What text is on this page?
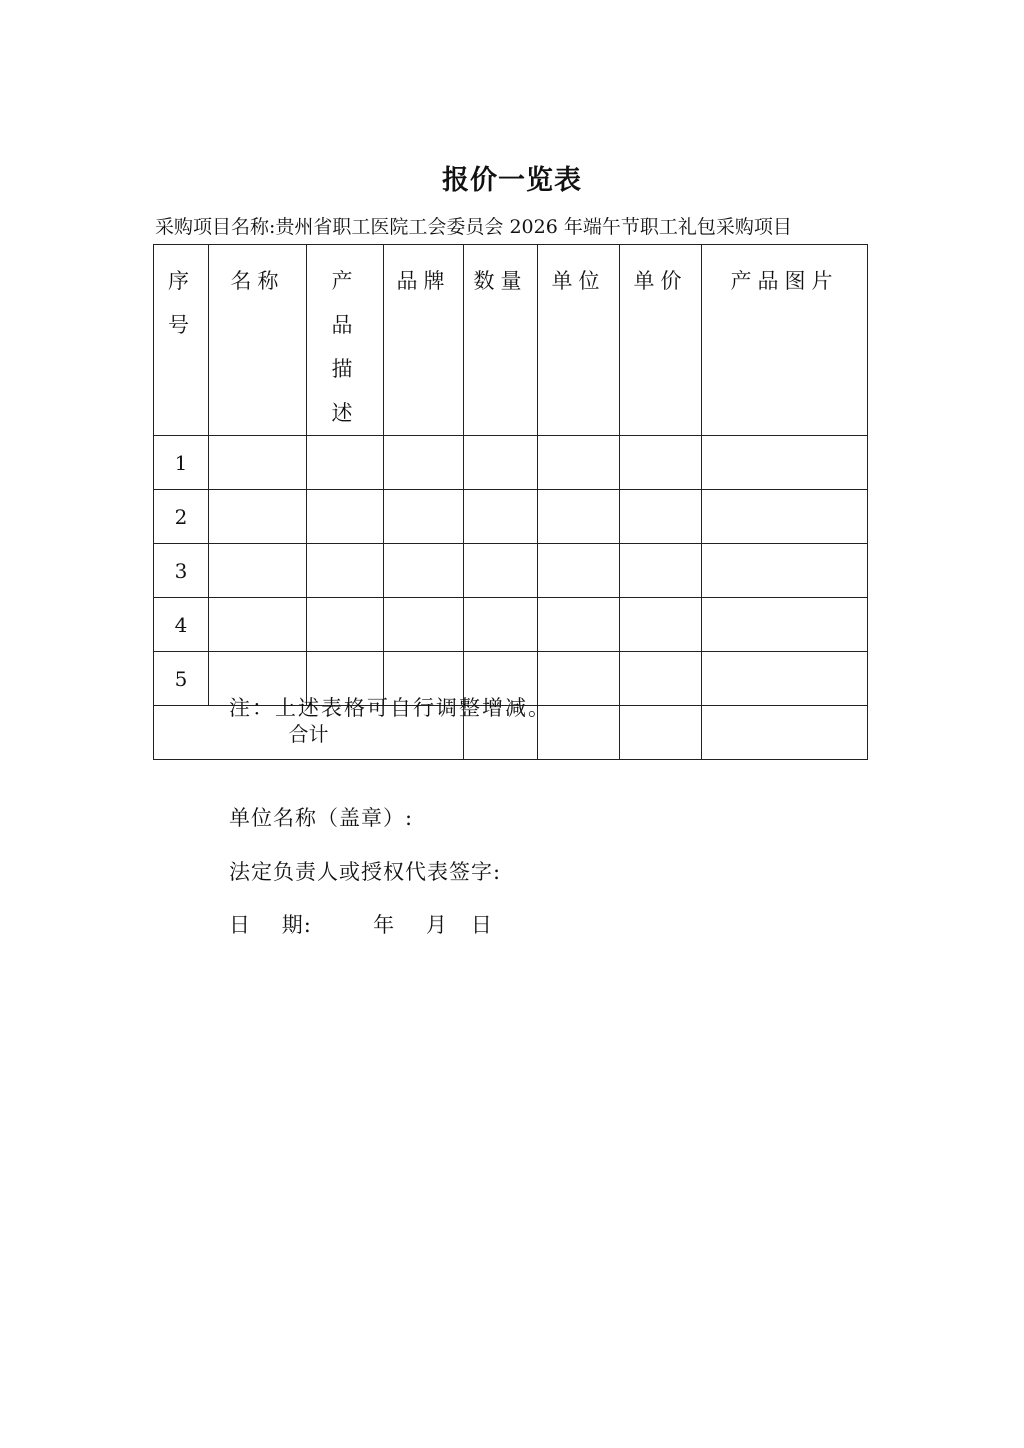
报价一览表
采购项目名称:贵州省职工医院工会委员会 2026 年端午节职工礼包采购项目
序号	名称	产品描述	品牌	数量	单位	单价	产品图片
1							
2							
3							
4							
5							
合计							
注：上述表格可自行调整增减。
单位名称（盖章）:
法定负责人或授权代表签字:
日    期:        年    月   日
